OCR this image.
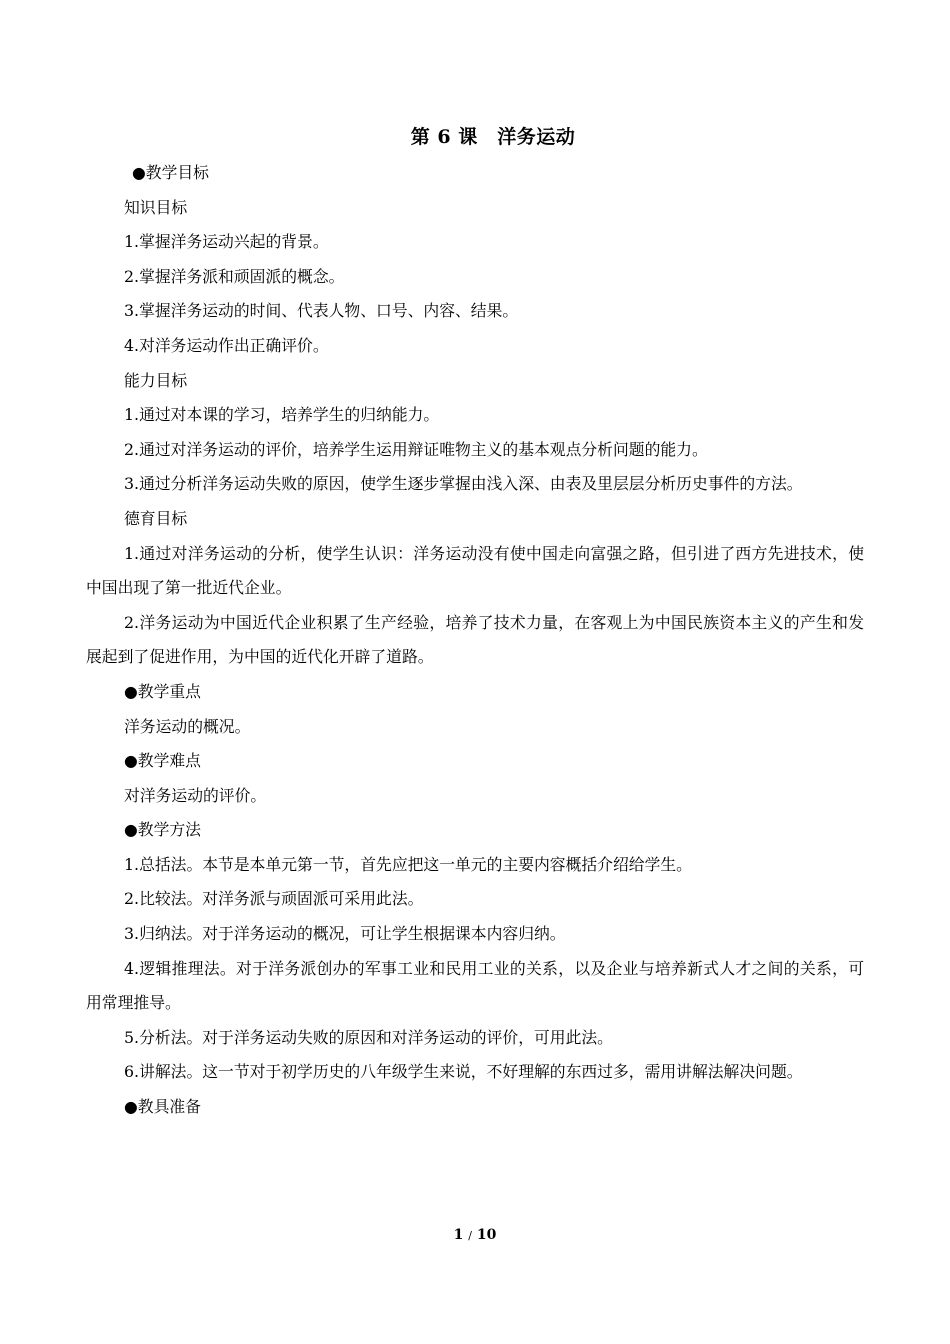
第 6 课　洋务运动
●教学目标
知识目标
1.掌握洋务运动兴起的背景。
2.掌握洋务派和顽固派的概念。
3.掌握洋务运动的时间、代表人物、口号、内容、结果。
4.对洋务运动作出正确评价。
能力目标
1.通过对本课的学习，培养学生的归纳能力。
2.通过对洋务运动的评价，培养学生运用辩证唯物主义的基本观点分析问题的能力。
3.通过分析洋务运动失败的原因，使学生逐步掌握由浅入深、由表及里层层分析历史事件的方法。
德育目标
1.通过对洋务运动的分析，使学生认识：洋务运动没有使中国走向富强之路，但引进了西方先进技术，使中国出现了第一批近代企业。
2.洋务运动为中国近代企业积累了生产经验，培养了技术力量，在客观上为中国民族资本主义的产生和发展起到了促进作用，为中国的近代化开辟了道路。
●教学重点
洋务运动的概况。
●教学难点
对洋务运动的评价。
●教学方法
1.总括法。本节是本单元第一节，首先应把这一单元的主要内容概括介绍给学生。
2.比较法。对洋务派与顽固派可采用此法。
3.归纳法。对于洋务运动的概况，可让学生根据课本内容归纳。
4.逻辑推理法。对于洋务派创办的军事工业和民用工业的关系，以及企业与培养新式人才之间的关系，可用常理推导。
5.分析法。对于洋务运动失败的原因和对洋务运动的评价，可用此法。
6.讲解法。这一节对于初学历史的八年级学生来说，不好理解的东西过多，需用讲解法解决问题。
●教具准备
1 / 10
